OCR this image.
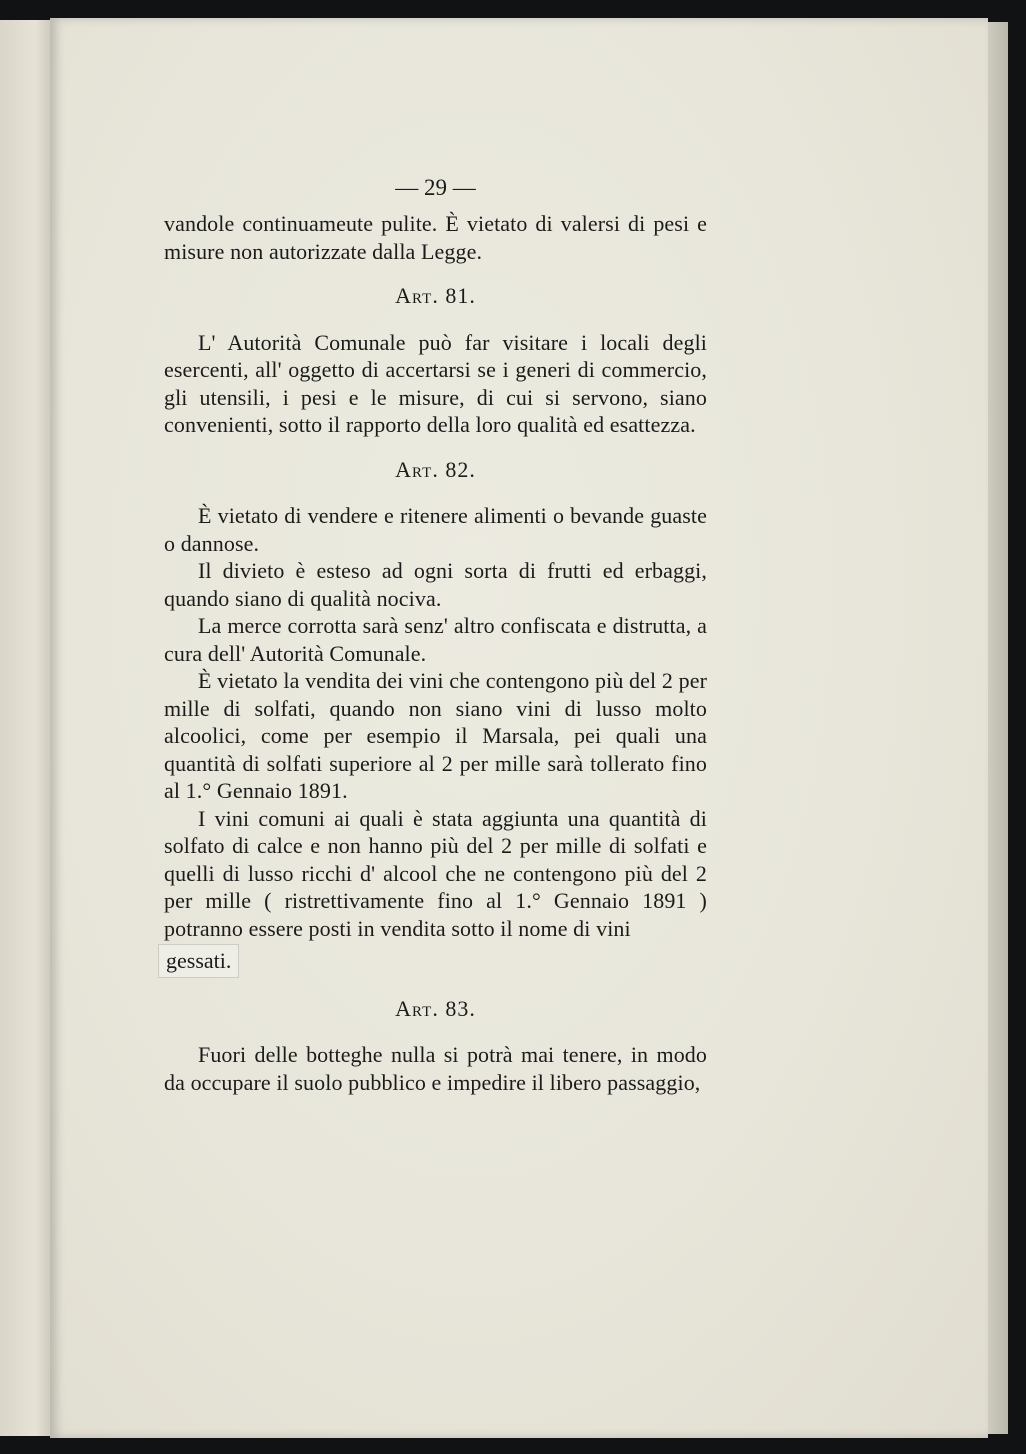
— 29 —

vandole continuameute pulite. È vietato di valersi di pesi e misure non autorizzate dalla Legge.

Art. 81.

L' Autorità Comunale può far visitare i locali degli esercenti, all' oggetto di accertarsi se i generi di commercio, gli utensili, i pesi e le misure, di cui si servono, siano convenienti, sotto il rapporto della loro qualità ed esattezza.

Art. 82.

È vietato di vendere e ritenere alimenti o bevande guaste o dannose.

Il divieto è esteso ad ogni sorta di frutti ed erbaggi, quando siano di qualità nociva.

La merce corrotta sarà senz' altro confiscata e distrutta, a cura dell' Autorità Comunale.

È vietato la vendita dei vini che contengono più del 2 per mille di solfati, quando non siano vini di lusso molto alcoolici, come per esempio il Marsala, pei quali una quantità di solfati superiore al 2 per mille sarà tollerato fino al 1.° Gennaio 1891.

I vini comuni ai quali è stata aggiunta una quantità di solfato di calce e non hanno più del 2 per mille di solfati e quelli di lusso ricchi d' alcool che ne contengono più del 2 per mille ( ristrettivamente fino al 1.° Gennaio 1891 ) potranno essere posti in vendita sotto il nome di vini

gessati.
Art. 83.

Fuori delle botteghe nulla si potrà mai tenere, in modo da occupare il suolo pubblico e impedire il libero passaggio,
